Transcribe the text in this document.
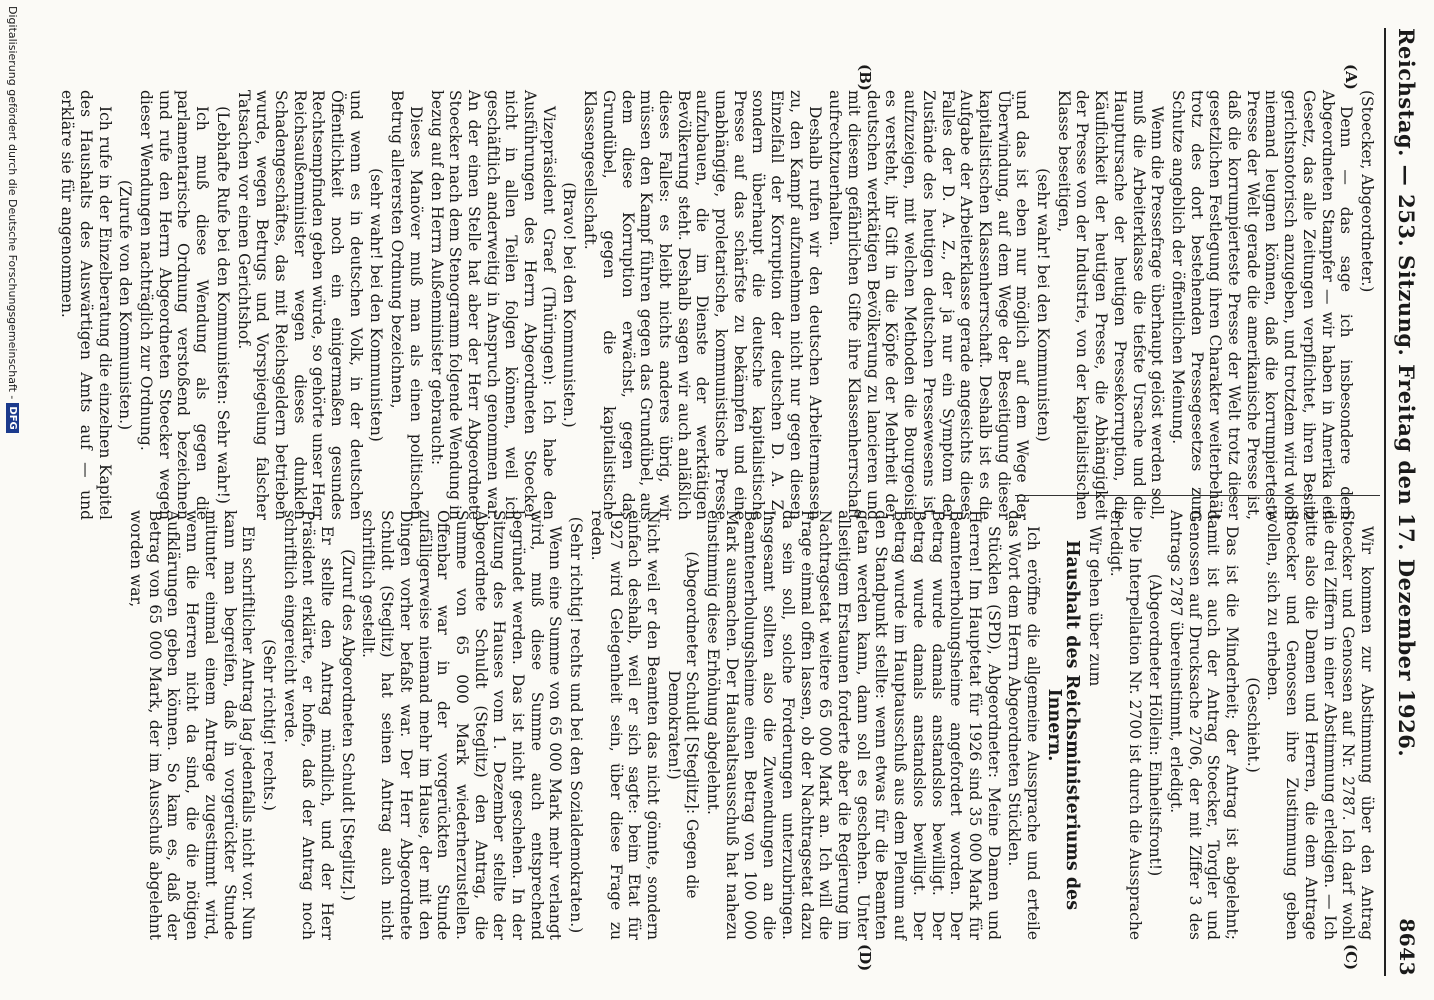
Reichstag. — 253. Sitzung. Freitag den 17. Dezember 1926.
8643
(A)
(B)
(C)
(D)

(Stoecker, Abgeordneter.)

Denn — das sage ich insbesondere dem Abgeordneten Stampfer — wir haben in Amerika ein Gesetz, das alle Zeitungen verpflichtet, ihren Besitz gerichtsnotorisch anzugeben, und trotzdem wird wohl niemand leugnen können, daß die korrumpierteste Presse der Welt gerade die amerikanische Presse ist, daß die korrumpierteste Presse der Welt trotz dieser gesetzlichen Festlegung ihren Charakter weiterbehält trotz des dort bestehenden Pressegesetzes zum Schutze angeblich der öffentlichen Meinung.

Wenn die Pressefrage überhaupt gelöst werden soll, muß die Arbeiterklasse die tiefste Ursache und die Hauptursache der heutigen Pressekorruption, die Käuflichkeit der heutigen Presse, die Abhängigkeit der Presse von der Industrie, von der kapitalistischen Klasse beseitigen,

(sehr wahr! bei den Kommunisten)

und das ist eben nur möglich auf dem Wege der Überwindung, auf dem Wege der Beseitigung dieser kapitalistischen Klassenherrschaft. Deshalb ist es die Aufgabe der Arbeiterklasse gerade angesichts dieses Falles der D. A. Z., der ja nur ein Symptom der Zustände des heutigen deutschen Pressewesens ist, aufzuzeigen, mit welchen Methoden die Bourgeoisie es versteht, ihr Gift in die Köpfe der Mehrheit der deutschen werktätigen Bevölkerung zu lancieren und mit diesem gefährlichen Gifte ihre Klassenherrschaft aufrechtzuerhalten.

Deshalb rufen wir den deutschen Arbeitermassen zu, den Kampf aufzunehmen nicht nur gegen diesen Einzelfall der Korruption der deutschen D. A. Z., sondern überhaupt die deutsche kapitalistische Presse auf das schärfste zu bekämpfen und eine unabhängige, proletarische, kommunistische Presse aufzubauen, die im Dienste der werktätigen Bevölkerung steht. Deshalb sagen wir auch anläßlich dieses Falles: es bleibt nichts anderes übrig, wir müssen den Kampf führen gegen das Grundübel, aus dem diese Korruption erwächst, gegen das Grundübel, gegen die kapitalistische Klassengesellschaft.

(Bravo! bei den Kommunisten.)

Vizepräsident Graef (Thüringen): Ich habe den Ausführungen des Herrn Abgeordneten Stoecker nicht in allen Teilen folgen können, weil ich geschäftlich anderweitig in Anspruch genommen war. An der einen Stelle hat aber der Herr Abgeordnete Stoecker nach dem Stenogramm folgende Wendung in bezug auf den Herrn Außenminister gebraucht:

Dieses Manöver muß man als einen politischen Betrug allerersten Ordnung bezeichnen,

(sehr wahr! bei den Kommunisten)

und wenn es in deutschen Volk, in der deutschen Öffentlichkeit noch ein einigermaßen gesundes Rechtsempfinden geben würde, so gehörte unser Herr Reichsaußenminister wegen dieses dunklen Schadengeschäftes, das mit Reichsgeldern betrieben wurde, wegen Betrugs und Vorspiegelung falscher Tatsachen vor einen Gerichtshof.

(Lebhafte Rufe bei den Kommunisten: Sehr wahr!)

Ich muß diese Wendung als gegen die parlamentarische Ordnung verstoßend bezeichnen und rufe den Herrn Abgeordneten Stoecker wegen dieser Wendungen nachträglich zur Ordnung.

(Zurufe von den Kommunisten.)

Ich rufe in der Einzelberatung die einzelnen Kapitel des Haushalts des Auswärtigen Amts auf — und erkläre sie für angenommen.

Wir kommen zur Abstimmung über den Antrag Stoecker und Genossen auf Nr. 2787. Ich darf wohl die drei Ziffern in einer Abstimmung erledigen. — Ich bitte also die Damen und Herren, die dem Antrage Stoecker und Genossen ihre Zustimmung geben wollen, sich zu erheben.

(Geschieht.)

Das ist die Minderheit; der Antrag ist abgelehnt; damit ist auch der Antrag Stoecker, Torgler und Genossen auf Drucksache 2706, der mit Ziffer 3 des Antrags 2787 übereinstimmt, erledigt.

(Abgeordneter Höllein: Einheitsfront!)

Die Interpellation Nr. 2700 ist durch die Aussprache erledigt.

Wir gehen über zum

Haushalt des Reichsministeriums des Innern.

Ich eröffne die allgemeine Aussprache und erteile das Wort dem Herrn Abgeordneten Stücklen.

Stücklen (SPD), Abgeordneter: Meine Damen und Herren! Im Hauptetat für 1926 sind 35 000 Mark für Beamtenerholungsheime angefordert worden. Der Betrag wurde damals anstandslos bewilligt. Der Betrag wurde damals anstandslos bewilligt. Der Betrag wurde im Hauptausschuß aus dem Plenum auf den Standpunkt stellte: wenn etwas für die Beamten getan werden kann, dann soll es geschehen. Unter allseitigem Erstaunen forderte aber die Regierung im Nachtragsetat weitere 65 000 Mark an. Ich will die Frage einmal offen lassen, ob der Nachtragsetat dazu da sein soll, solche Forderungen unterzubringen. Insgesamt sollten also die Zuwendungen an die Beamtenerholungsheime einen Betrag von 100 000 Mark ausmachen. Der Haushaltsausschuß hat nahezu einstimmig diese Erhöhung abgelehnt.

(Abgeordneter Schuldt [Steglitz]: Gegen die Demokraten!)

Nicht weil er den Beamten das nicht gönnte, sondern einfach deshalb, weil er sich sagte: beim Etat für 1927 wird Gelegenheit sein, über diese Frage zu reden.

(Sehr richtig! rechts und bei den Sozialdemokraten.)

Wenn eine Summe von 65 000 Mark mehr verlangt wird, muß diese Summe auch entsprechend begründet werden. Das ist nicht geschehen. In der Sitzung des Hauses vom 1. Dezember stellte der Abgeordnete Schuldt (Steglitz) den Antrag, die Summe von 65 000 Mark wiederherzustellen. Offenbar war in der vorgerückten Stunde zufälligerweise niemand mehr im Hause, der mit den Dingen vorher befaßt war. Der Herr Abgeordnete Schuldt (Steglitz) hat seinen Antrag auch nicht schriftlich gestellt.

(Zuruf des Abgeordneten Schuldt [Steglitz].)

Er stellte den Antrag mündlich, und der Herr Präsident erklärte, er hoffe, daß der Antrag noch schriftlich eingereicht werde.

(Sehr richtig! rechts.)

Ein schriftlicher Antrag lag jedenfalls nicht vor. Nun kann man begreifen, daß in vorgerückter Stunde mitunter einmal einem Antrage zugestimmt wird, wenn die Herren nicht da sind, die die nötigen Aufklärungen geben können. So kam es, daß der Betrag von 65 000 Mark, der im Ausschuß abgelehnt worden war,

Digitalisierung gefördert durch die Deutsche Forschungsgemeinschaft -
DFG
